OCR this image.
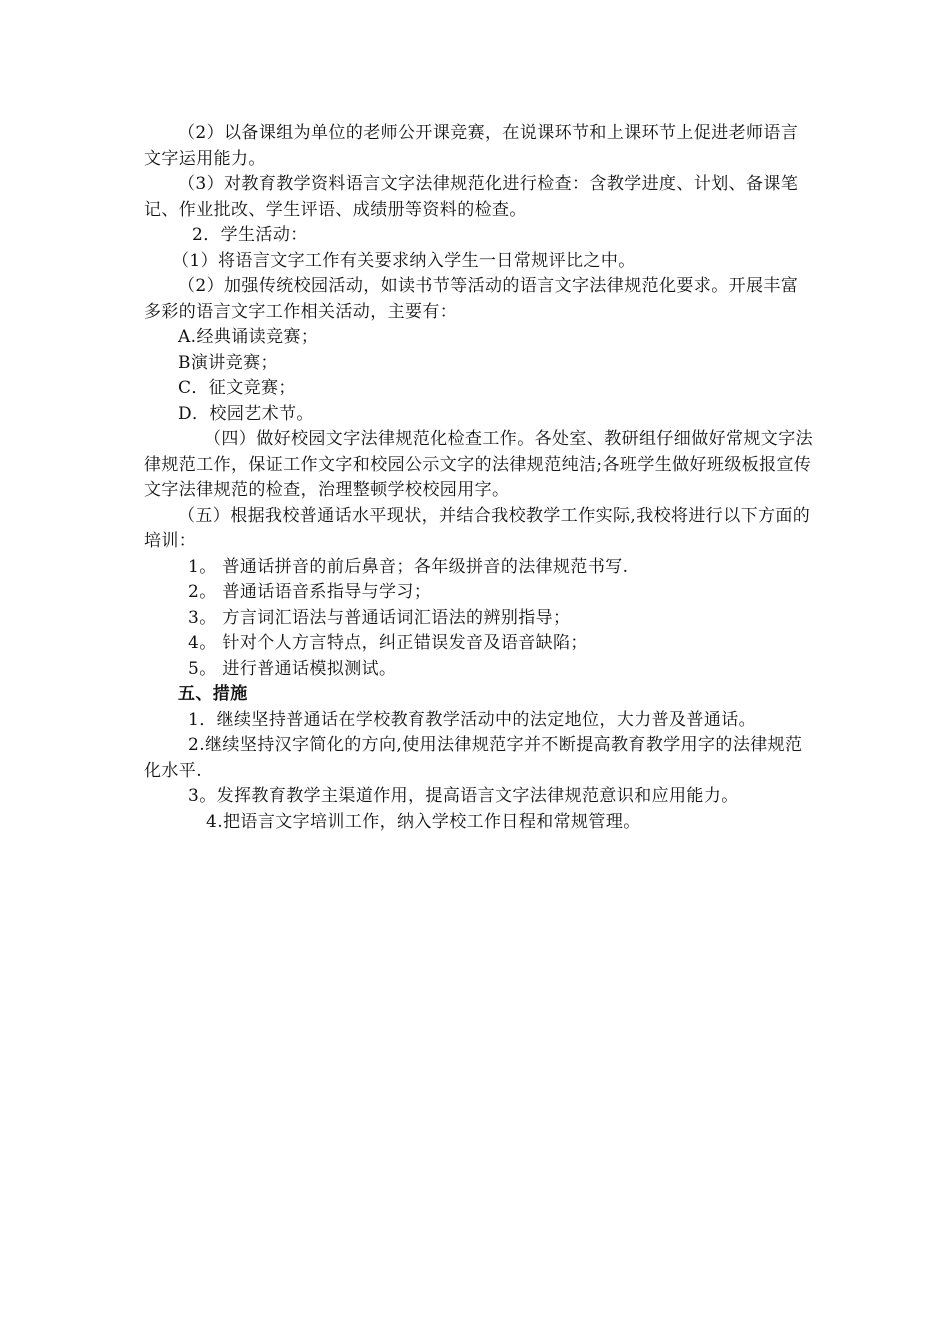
（2）以备课组为单位的老师公开课竞赛，在说课环节和上课环节上促进老师语言文字运用能力。

（3）对教育教学资料语言文字法律规范化进行检查：含教学进度、计划、备课笔记、作业批改、学生评语、成绩册等资料的检查。

2．学生活动：

（1）将语言文字工作有关要求纳入学生一日常规评比之中。

（2）加强传统校园活动，如读书节等活动的语言文字法律规范化要求。开展丰富多彩的语言文字工作相关活动，主要有：

A.经典诵读竞赛；

B演讲竞赛；

C．征文竞赛；

D．校园艺术节。

（四）做好校园文字法律规范化检查工作。各处室、教研组仔细做好常规文字法律规范工作，保证工作文字和校园公示文字的法律规范纯洁;各班学生做好班级板报宣传文字法律规范的检查，治理整顿学校校园用字。

（五）根据我校普通话水平现状，并结合我校教学工作实际,我校将进行以下方面的培训：

1。 普通话拼音的前后鼻音；各年级拼音的法律规范书写.

2。 普通话语音系指导与学习；

3。 方言词汇语法与普通话词汇语法的辨别指导；

4。 针对个人方言特点，纠正错误发音及语音缺陷；

5。 进行普通话模拟测试。

五、措施

1．继续坚持普通话在学校教育教学活动中的法定地位，大力普及普通话。

2.继续坚持汉字简化的方向,使用法律规范字并不断提高教育教学用字的法律规范化水平.

3。发挥教育教学主渠道作用，提高语言文字法律规范意识和应用能力。

4.把语言文字培训工作，纳入学校工作日程和常规管理。
